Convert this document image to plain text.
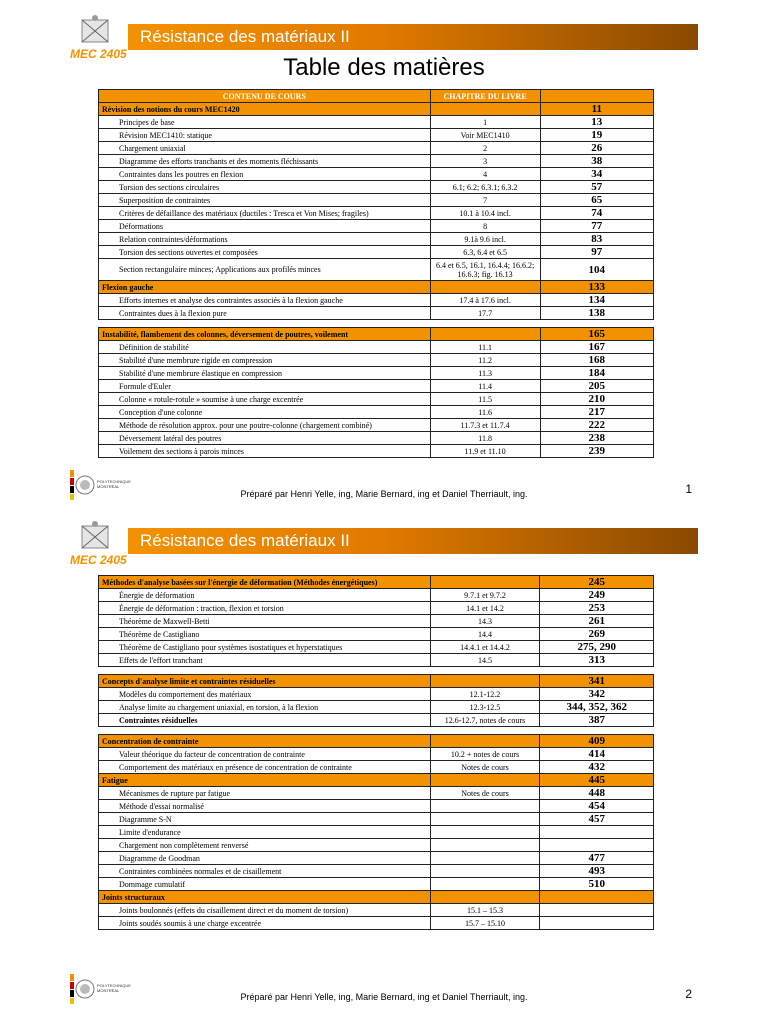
MEC 2405
Résistance des matériaux II
Table des matières
CONTENU DE COURS	CHAPITRE DU LIVRE	
Révision des notions du cours MEC1420		11
Principes de base	1	13
Révision MEC1410: statique	Voir MEC1410	19
Chargement uniaxial	2	26
Diagramme des efforts tranchants et des moments fléchissants	3	38
Contraintes dans les poutres en flexion	4	34
Torsion des sections circulaires	6.1; 6.2; 6.3.1; 6.3.2	57
Superposition de contraintes	7	65
Critères de défaillance des matériaux (ductiles : Tresca et Von Mises; fragiles)	10.1 à 10.4 incl.	74
Déformations	8	77
Relation contraintes/déformations	9.1à 9.6 incl.	83
Torsion des sections ouvertes et composées	6.3, 6.4 et 6.5	97
Section rectangulaire minces; Applications aux profilés minces	6.4 et 6.5, 16.1, 16.4.4; 16.6.2; 16.6.3; fig. 16.13	104
Flexion gauche		133
Efforts internes et analyse des contraintes associés à la flexion gauche	17.4 à 17.6 incl.	134
Contraintes dues à la flexion pure	17.7	138

Instabilité, flambement des colonnes, déversement de poutres, voilement		165
Définition de stabilité	11.1	167
Stabilité d'une membrure rigide en compression	11.2	168
Stabilité d'une membrure élastique en compression	11.3	184
Formule d'Euler	11.4	205
Colonne « rotule-rotule » soumise à une charge excentrée	11.5	210
Conception d'une colonne	11.6	217
Méthode de résolution approx. pour une poutre-colonne (chargement combiné)	11.7.3 et 11.7.4	222
Déversement latéral des poutres	11.8	238
Voilement des sections à parois minces	11.9 et 11.10	239
POLYTECHNIQUE
MONTRÉAL
Préparé par Henri Yelle, ing, Marie Bernard, ing et Daniel Therriault, ing.	1
MEC 2405
Résistance des matériaux II
Méthodes d'analyse basées sur l'énergie de déformation (Méthodes énergétiques)		245
Énergie de déformation	9.7.1 et 9.7.2	249
Énergie de déformation : traction, flexion et torsion	14.1 et 14.2	253
Théorème de Maxwell-Betti	14.3	261
Théorème de Castigliano	14.4	269
Théorème de Castigliano pour systèmes isostatiques et hyperstatiques	14.4.1 et 14.4.2	275, 290
Effets de l'effort tranchant	14.5	313

Concepts d'analyse limite et contraintes résiduelles		341
Modèles du comportement des matériaux	12.1-12.2	342
Analyse limite au chargement uniaxial, en torsion, à la flexion	12.3-12.5	344, 352, 362
Contraintes résiduelles	12.6-12.7, notes de cours	387

Concentration de contrainte		409
Valeur théorique du facteur de concentration de contrainte	10.2 + notes de cours	414
Comportement des matériaux en présence de concentration de contrainte	Notes de cours	432
Fatigue		445
Mécanismes de rupture par fatigue	Notes de cours	448
Méthode d'essai normalisé		454
Diagramme S-N		457
Limite d'endurance		
Chargement non complètement renversé		
Diagramme de Goodman		477
Contraintes combinées normales et de cisaillement		493
Dommage cumulatif		510
Joints structuraux		
Joints boulonnés (effets du cisaillement direct et du moment de torsion)	15.1 – 15.3	
Joints soudés soumis à une charge excentrée	15.7 – 15.10	
POLYTECHNIQUE
MONTRÉAL
Préparé par Henri Yelle, ing, Marie Bernard, ing et Daniel Therriault, ing.	2
